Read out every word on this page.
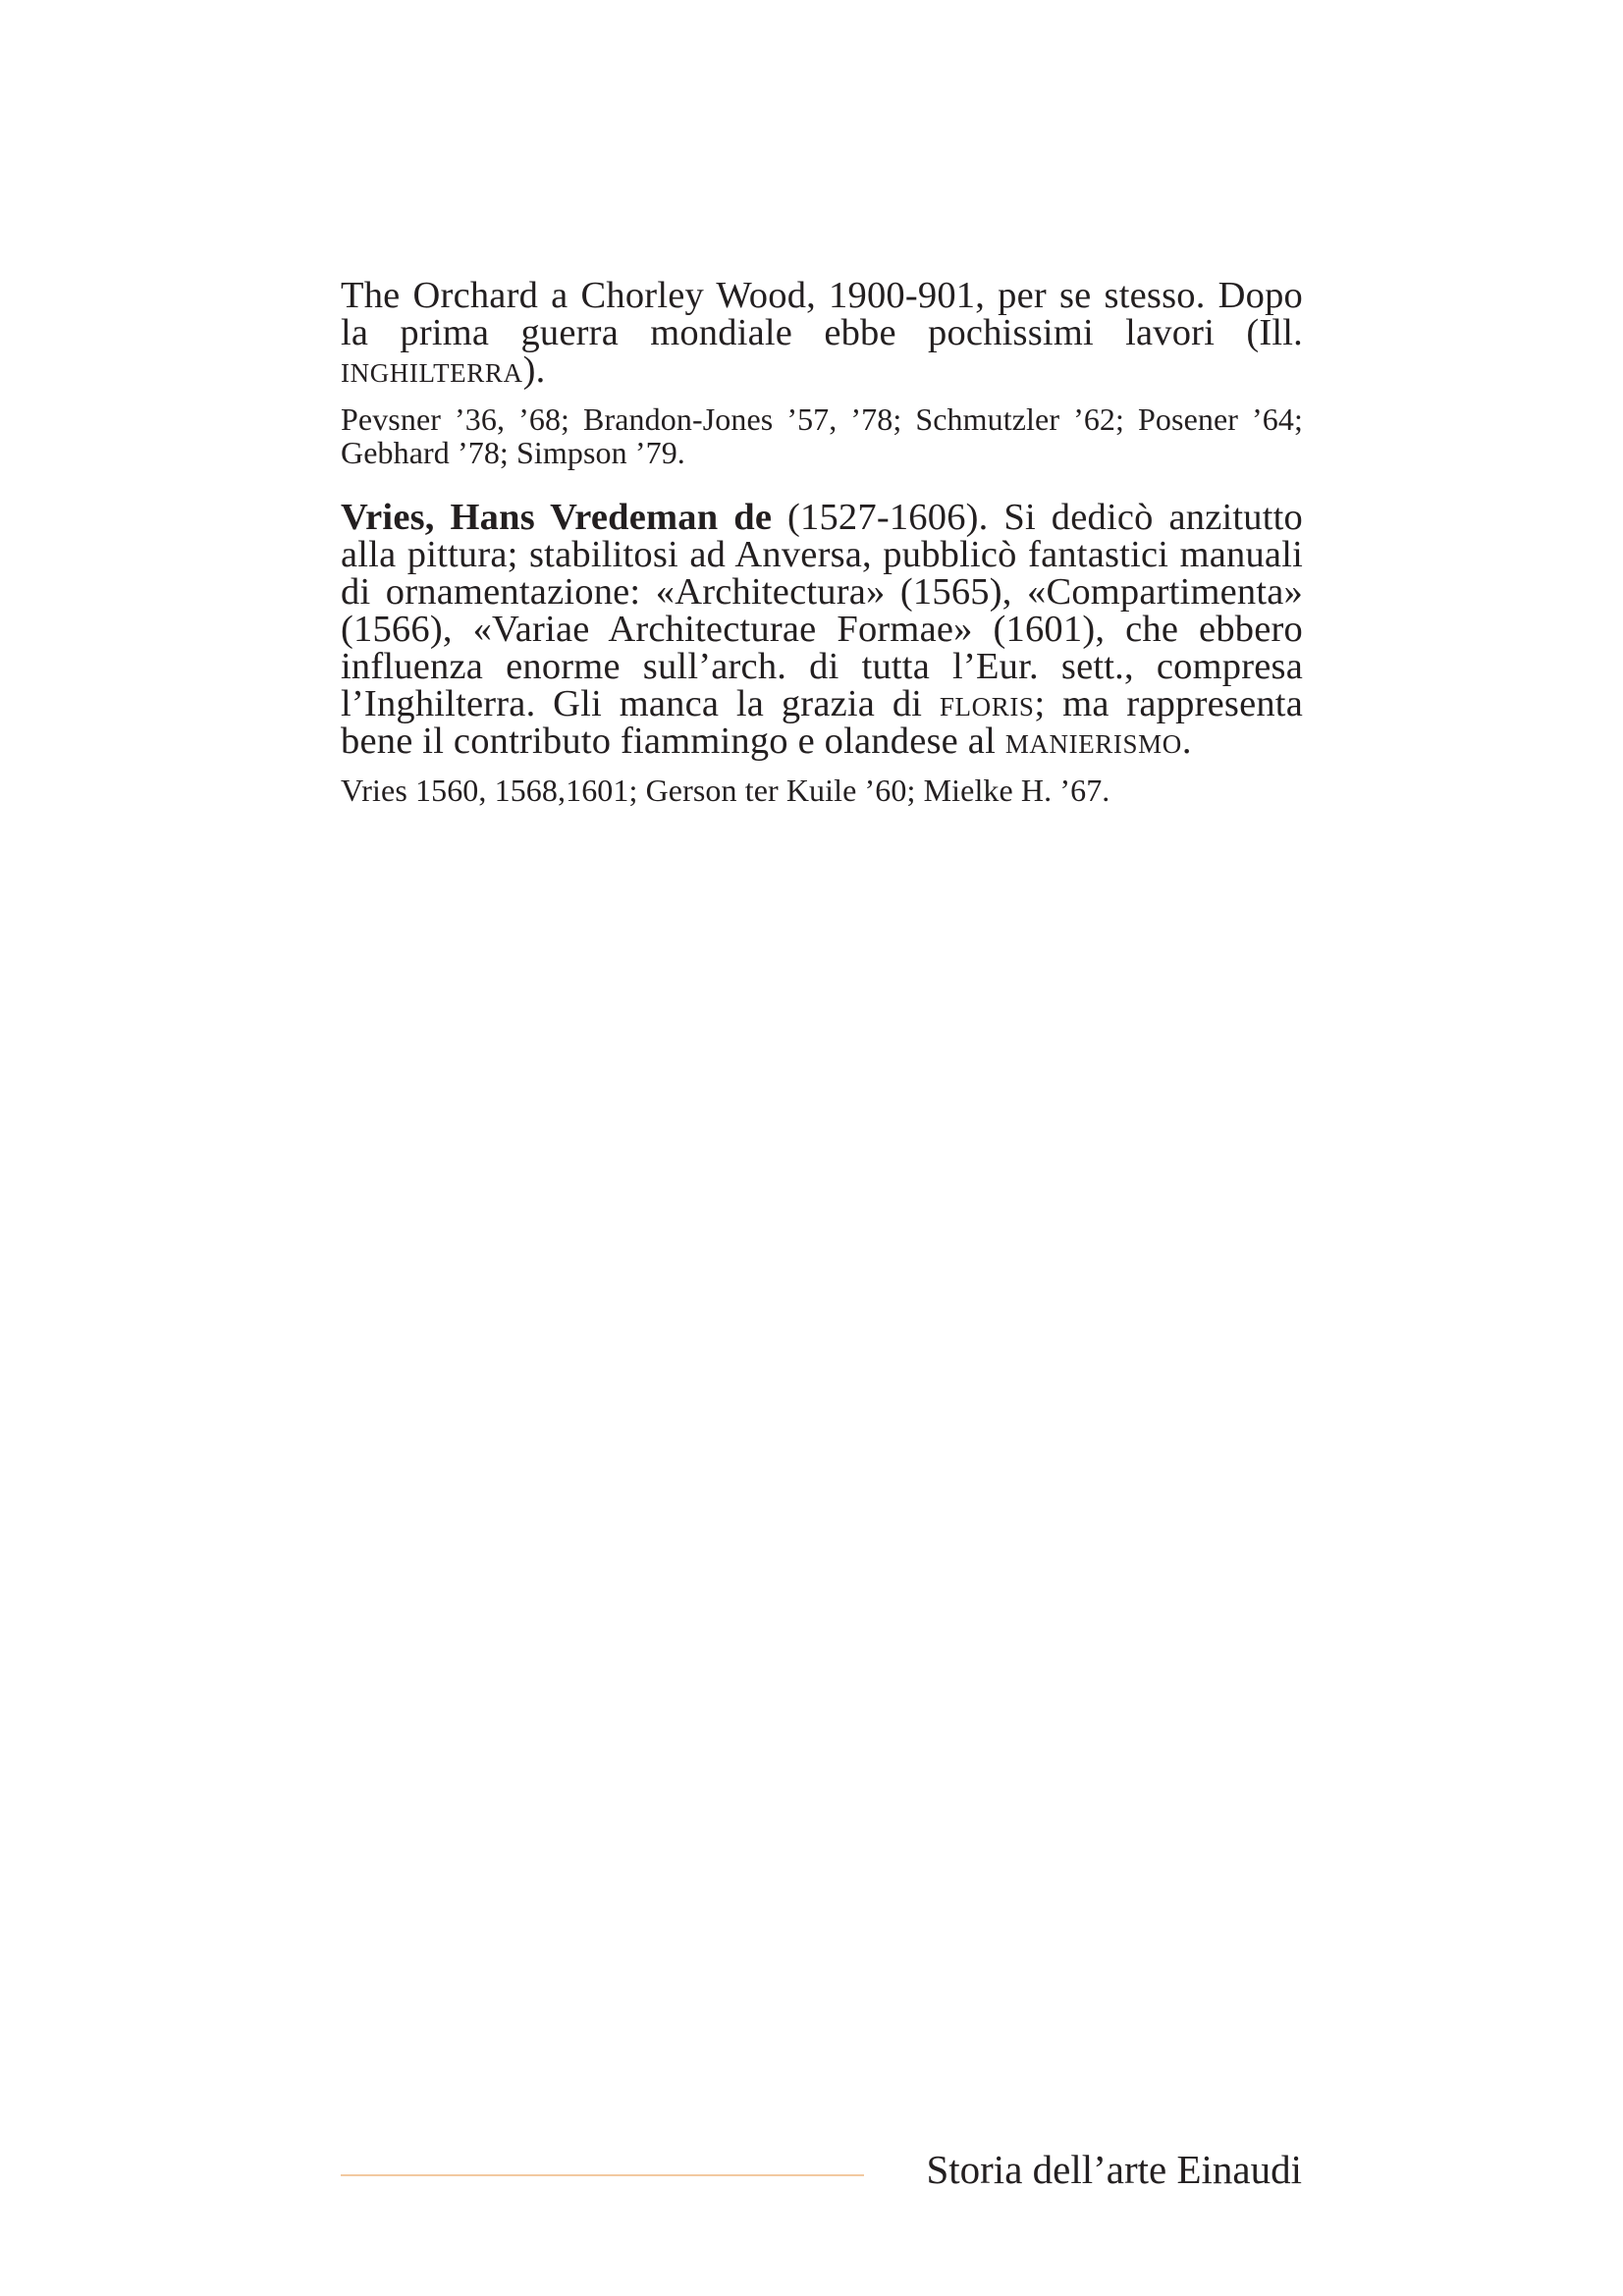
The Orchard a Chorley Wood, 1900-901, per se stesso. Dopo la prima guerra mondiale ebbe pochissimi lavori (Ill. inghilterra).

Pevsner ’36, ’68; Brandon-Jones ’57, ’78; Schmutzler ’62; Posener ’64; Gebhard ’78; Simpson ’79.

Vries, Hans Vredeman de (1527-1606). Si dedicò anzitutto alla pittura; stabilitosi ad Anversa, pubblicò fantastici manuali di ornamentazione: «Architectura» (1565), «Compartimenta» (1566), «Variae Architecturae Formae» (1601), che ebbero influenza enorme sull’arch. di tutta l’Eur. sett., compresa l’Inghilterra. Gli manca la grazia di floris; ma rappresenta bene il contributo fiammingo e olandese al manierismo.

Vries 1560, 1568,1601; Gerson ter Kuile ’60; Mielke H. ’67.

Storia dell’arte Einaudi
